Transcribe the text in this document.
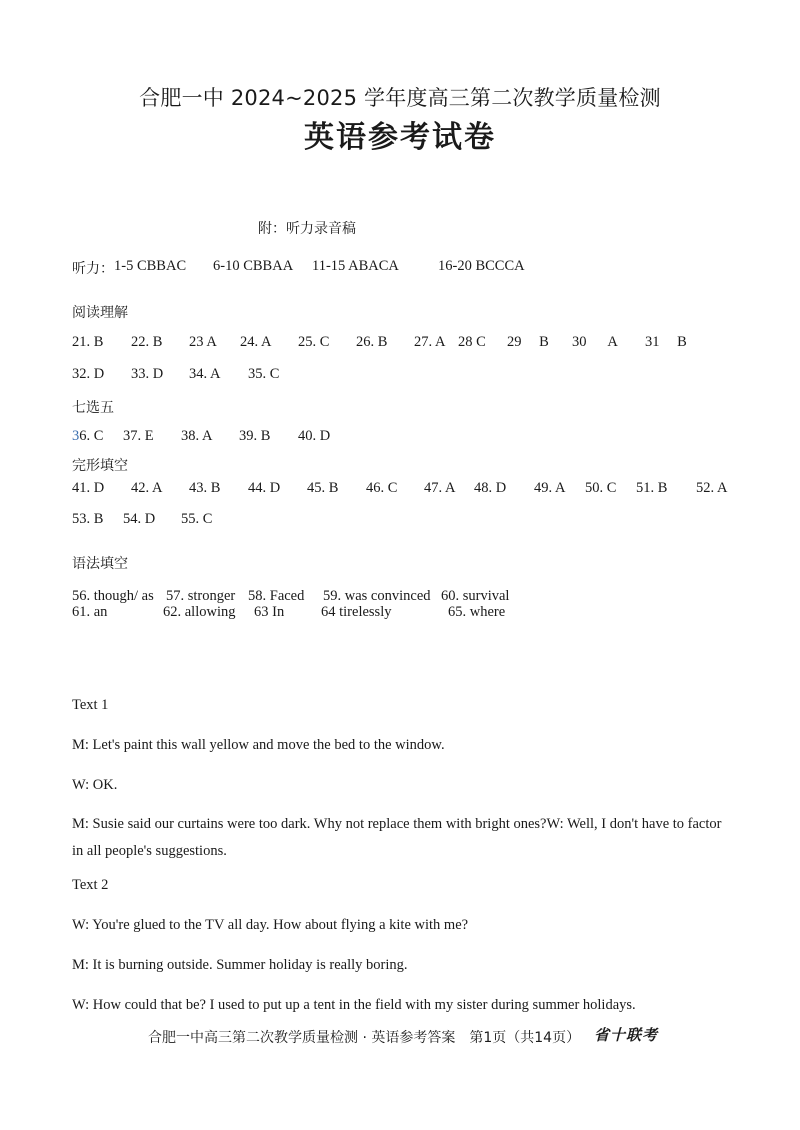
合肥一中 2024~2025 学年度高三第二次教学质量检测
英语参考试卷
附：听力录音稿
听力： 1-5 CBBAC 6-10 CBBAA 11-15 ABACA	16-20 BCCCA
阅读理解
21. B 22. B 23 A 24. A 25. C 26. B 27. A 28 C 29 B 30 A 31 B
32. D 33. D 34. A 35. C
七选五
36. C 37. E 38. A 39. B 40. D
完形填空
41. D 42. A 43. B 44. D 45. B 46. C 47. A 48. D 49. A 50. C 51. B 52. A
53. B 54. D 55. C
语法填空
56. though/ as 57. stronger 58. Faced 59. was convinced 60. survival
61. an	62. allowing 63 In	64 tirelessly	65. where
Text 1
M: Let's paint this wall yellow and move the bed to the window.
W: OK.
M: Susie said our curtains were too dark. Why not replace them with bright ones?W: Well, I don't have to factor in all people's suggestions.
Text 2
W: You're glued to the TV all day. How about flying a kite with me?
M: It is burning outside. Summer holiday is really boring.
W: How could that be? I used to put up a tent in the field with my sister during summer holidays.
合肥一中高三第二次教学质量检测 · 英语参考答案　第1页（共14页） 省十联考
